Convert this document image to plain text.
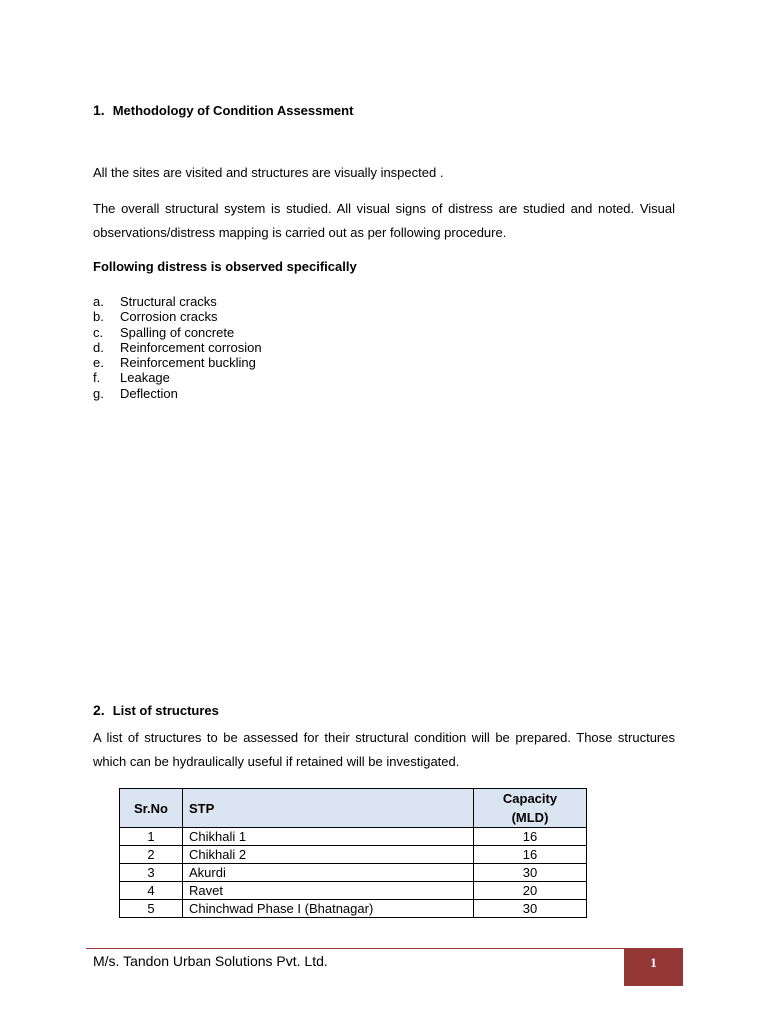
1. Methodology of Condition Assessment
All the sites are visited and structures are visually inspected .
The overall structural system is studied. All visual signs of distress are studied and noted. Visual observations/distress mapping is carried out as per following procedure.
Following distress is observed specifically
a. Structural cracks
b. Corrosion cracks
c. Spalling of concrete
d. Reinforcement corrosion
e. Reinforcement buckling
f. Leakage
g. Deflection
2. List of structures
A list of structures to be assessed for their structural condition will be prepared. Those structures which can be hydraulically useful if retained will be investigated.
Sr.No	STP	Capacity
(MLD)

1	Chikhali 1	16
2	Chikhali 2	16
3	Akurdi	30
4	Ravet	20
5	Chinchwad Phase I (Bhatnagar)	30
M/s. Tandon Urban Solutions Pvt. Ltd.	1
